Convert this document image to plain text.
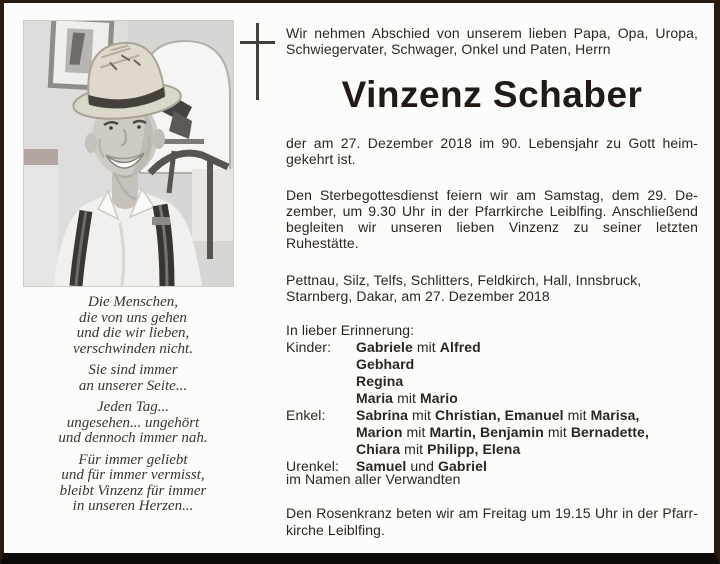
Die Menschen,
die von uns gehen
und die wir lieben,
verschwinden nicht.
Sie sind immer
an unserer Seite...
Jeden Tag...
ungesehen... ungehört
und dennoch immer nah.
Für immer geliebt
und für immer vermisst,
bleibt Vinzenz für immer
in unseren Herzen...
Wir nehmen Abschied von unserem lieben Papa, Opa, Uropa,
Schwiegervater, Schwager, Onkel und Paten, Herrn
Vinzenz Schaber
der am 27. Dezember 2018 im 90. Lebensjahr zu Gott heim-
gekehrt ist.
Den Sterbegottesdienst feiern wir am Samstag, dem 29. De-
zember, um 9.30 Uhr in der Pfarrkirche Leiblfing. Anschließend
begleiten wir unseren lieben Vinzenz zu seiner letzten
Ruhestätte.
Pettnau, Silz, Telfs, Schlitters, Feldkirch, Hall, Innsbruck,
Starnberg, Dakar, am 27. Dezember 2018
In lieber Erinnerung:
Kinder:	Gabriele mit Alfred
Gebhard
Regina
Maria mit Mario
Enkel:	Sabrina mit Christian, Emanuel mit Marisa,
Marion mit Martin, Benjamin mit Bernadette,
Chiara mit Philipp, Elena
Urenkel:	Samuel und Gabriel
im Namen aller Verwandten
Den Rosenkranz beten wir am Freitag um 19.15 Uhr in der Pfarr-
kirche Leiblfing.
